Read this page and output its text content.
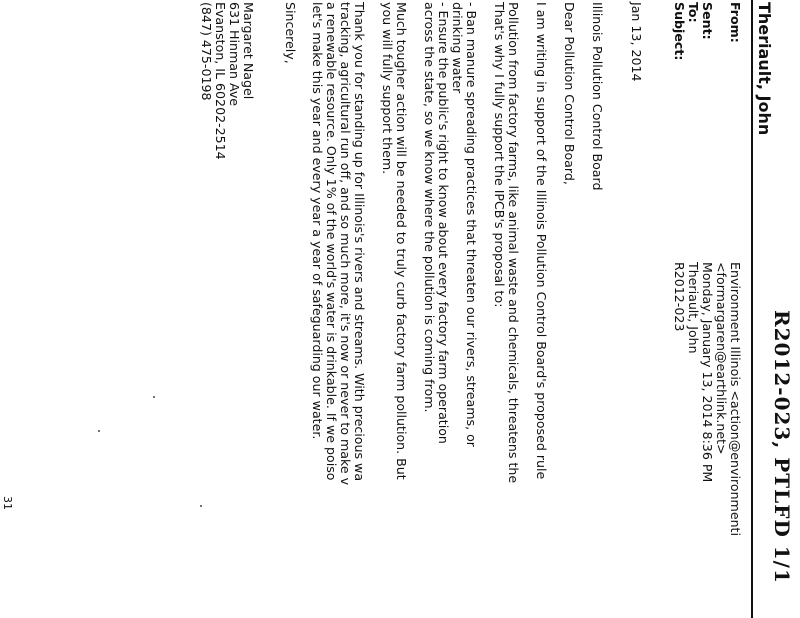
R2012-023, PTLFD 1/1
Theriault, John
From:
Environment Illinois <action@environmenti
<formargaren@earthlink.net>
Sent:
Monday, January 13, 2014 8:36 PM
To:
Theriault, John
Subject:
R2012-023
Jan 13, 2014
Illinois Pollution Control Board
Dear Pollution Control Board,
I am writing in support of the Illinois Pollution Control Board's proposed rule
Pollution from factory farms, like animal waste and chemicals, threatens the
That's why I fully support the IPCB's proposal to:
- Ban manure spreading practices that threaten our rivers, streams, or
drinking water
- Ensure the public's right to know about every factory farm operation
across the state, so we know where the pollution is coming from.
Much tougher action will be needed to truly curb factory farm pollution. But
you will fully support them.
Thank you for standing up for Illinois's rivers and streams. With precious wa
tracking, agricultural run off, and so much more, it's now or never to make v
a renewable resource. Only 1% of the world's water is drinkable. If we poiso
let's make this year and every year a year of safeguarding our water.
Sincerely,
Margaret Nagel
631 Hinman Ave
Evanston, IL 60202-2514
(847) 475-0198
31
